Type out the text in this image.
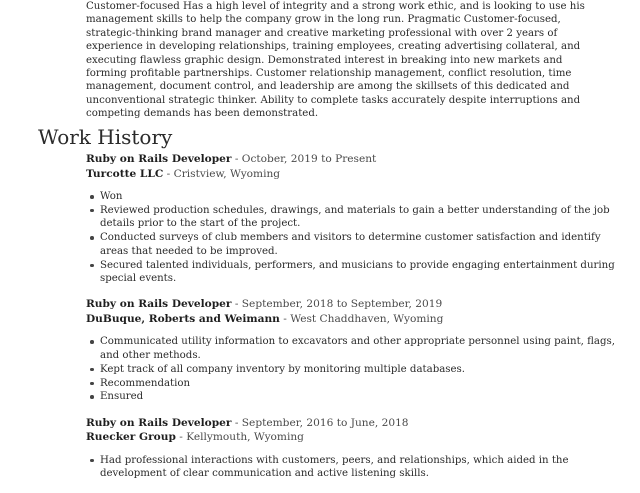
Customer-focused Has a high level of integrity and a strong work ethic, and is looking to use his management skills to help the company grow in the long run. Pragmatic Customer-focused, strategic-thinking brand manager and creative marketing professional with over 2 years of experience in developing relationships, training employees, creating advertising collateral, and executing flawless graphic design. Demonstrated interest in breaking into new markets and forming profitable partnerships. Customer relationship management, conflict resolution, time management, document control, and leadership are among the skillsets of this dedicated and unconventional strategic thinker. Ability to complete tasks accurately despite interruptions and competing demands has been demonstrated.

Work History
Ruby on Rails Developer - October, 2019 to Present
Turcotte LLC - Cristview, Wyoming
Won
Reviewed production schedules, drawings, and materials to gain a better understanding of the job details prior to the start of the project.
Conducted surveys of club members and visitors to determine customer satisfaction and identify areas that needed to be improved.
Secured talented individuals, performers, and musicians to provide engaging entertainment during special events.
Ruby on Rails Developer - September, 2018 to September, 2019
DuBuque, Roberts and Weimann - West Chaddhaven, Wyoming
Communicated utility information to excavators and other appropriate personnel using paint, flags, and other methods.
Kept track of all company inventory by monitoring multiple databases.
Recommendation
Ensured
Ruby on Rails Developer - September, 2016 to June, 2018
Ruecker Group - Kellymouth, Wyoming
Had professional interactions with customers, peers, and relationships, which aided in the development of clear communication and active listening skills.
